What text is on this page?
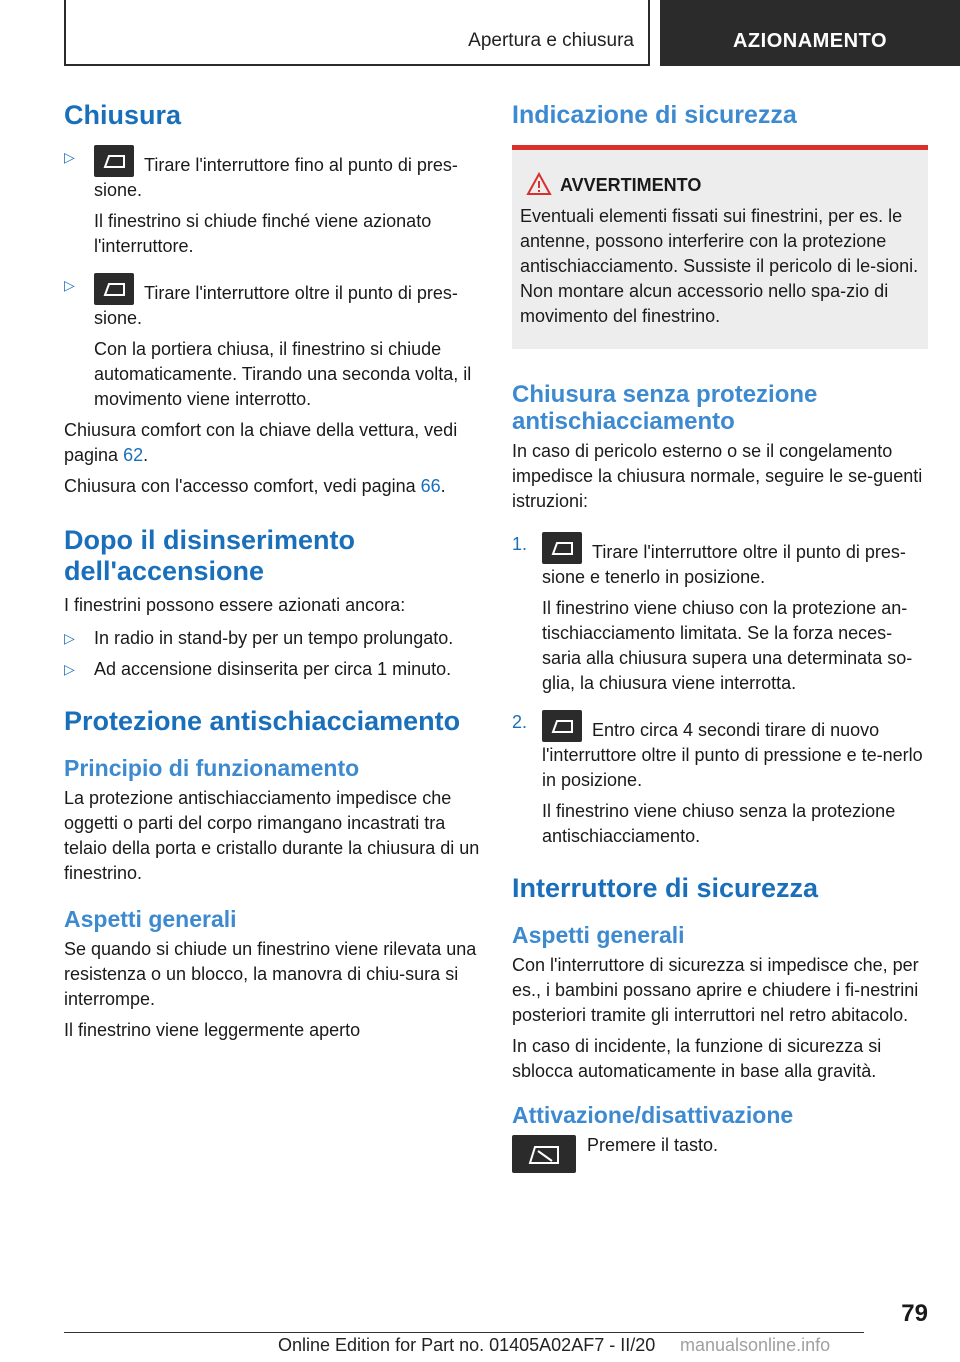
Apertura e chiusura	AZIONAMENTO
Chiusura
▷	Tirare l'interruttore fino al punto di pres-sione.

Il finestrino si chiude finché viene azionato l'interruttore.

▷	Tirare l'interruttore oltre il punto di pres-sione.

Con la portiera chiusa, il finestrino si chiude automaticamente. Tirando una seconda volta, il movimento viene interrotto.

Chiusura comfort con la chiave della vettura, vedi pagina 62.

Chiusura con l'accesso comfort, vedi pagina 66.

Dopo il disinserimento dell'accensione

I finestrini possono essere azionati ancora:

▷ In radio in stand-by per un tempo prolungato.

▷ Ad accensione disinserita per circa 1 minuto.

Protezione antischiacciamento
Principio di funzionamento

La protezione antischiacciamento impedisce che oggetti o parti del corpo rimangano incastrati tra telaio della porta e cristallo durante la chiusura di un finestrino.

Aspetti generali

Se quando si chiude un finestrino viene rilevata una resistenza o un blocco, la manovra di chiu-sura si interrompe.

Il finestrino viene leggermente aperto

Indicazione di sicurezza
AVVERTIMENTO

Eventuali elementi fissati sui finestrini, per es. le antenne, possono interferire con la protezione antischiacciamento. Sussiste il pericolo di le-sioni. Non montare alcun accessorio nello spa-zio di movimento del finestrino.

Chiusura senza protezione antischiacciamento

In caso di pericolo esterno o se il congelamento impedisce la chiusura normale, seguire le se-guenti istruzioni:

1.	Tirare l'interruttore oltre il punto di pres-sione e tenerlo in posizione.

Il finestrino viene chiuso con la protezione an-tischiacciamento limitata. Se la forza neces-saria alla chiusura supera una determinata so-glia, la chiusura viene interrotta.

2.	Entro circa 4 secondi tirare di nuovo l'interruttore oltre il punto di pressione e te-nerlo in posizione.

Il finestrino viene chiuso senza la protezione antischiacciamento.

Interruttore di sicurezza
Aspetti generali

Con l'interruttore di sicurezza si impedisce che, per es., i bambini possano aprire e chiudere i fi-nestrini posteriori tramite gli interruttori nel retro abitacolo.

In caso di incidente, la funzione di sicurezza si sblocca automaticamente in base alla gravità.

Attivazione/disattivazione

Premere il tasto.

79
Online Edition for Part no. 01405A02AF7 - II/20 manualsonline.info
